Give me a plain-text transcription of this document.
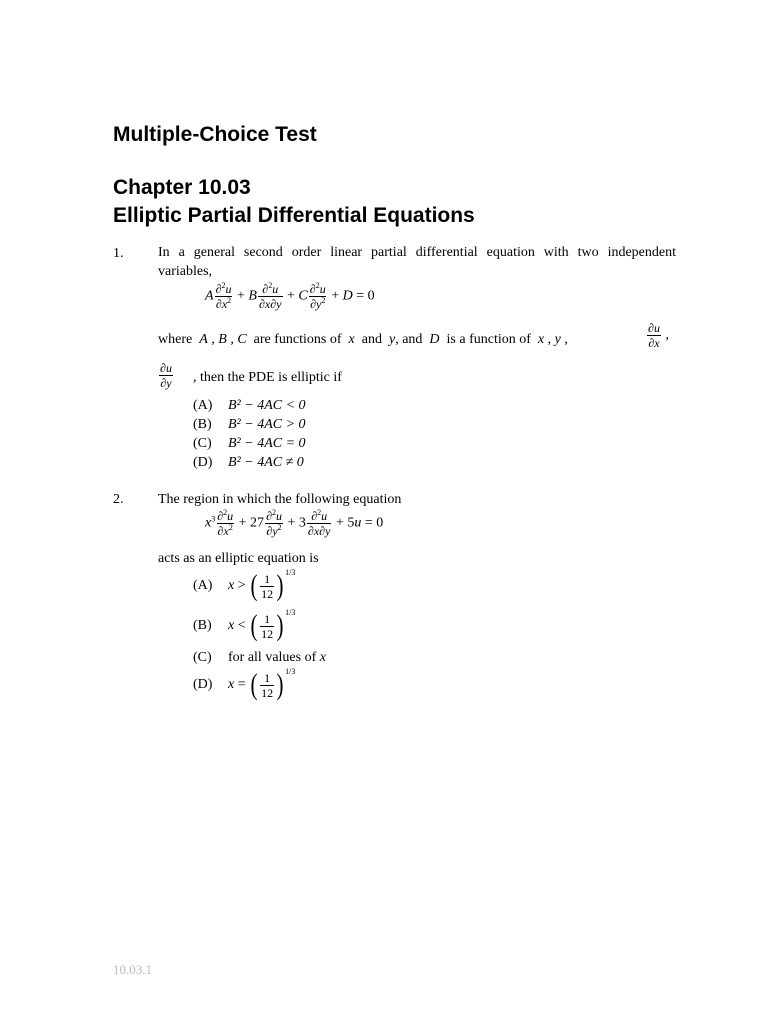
Multiple-Choice Test
Chapter 10.03
Elliptic Partial Differential Equations
1. In a general second order linear partial differential equation with two independent
variables,
A $\frac{\partial^2u}{\partial x^2} + B \frac{\partial^2u}{\partial x\partial y} + C \frac{\partial^2u}{\partial y^2} + D = 0$
where A , B , C are functions of x and y, and D is a function of x , y ,	$\frac{\partial u}{\partial x}$ ,
$\frac{\partial u}{\partial y}$ , then the PDE is elliptic if
(A) B² − 4AC < 0
(B) B² − 4AC > 0
(C) B² − 4AC = 0
(D) B² − 4AC ≠ 0
2. The region in which the following equation
$x^3 \frac{\partial^2u}{\partial x^2} + 27 \frac{\partial^2u}{\partial y^2} + 3 \frac{\partial^2u}{\partial x\partial y} + 5u = 0$
acts as an elliptic equation is
(A) x > ( $\frac{1}{12}$ ) $^{1/3}$
(B) x < ( $\frac{1}{12}$ ) $^{1/3}$
(C) for all values of x
(D) x = ( $\frac{1}{12}$ ) $^{1/3}$
10.03.1
